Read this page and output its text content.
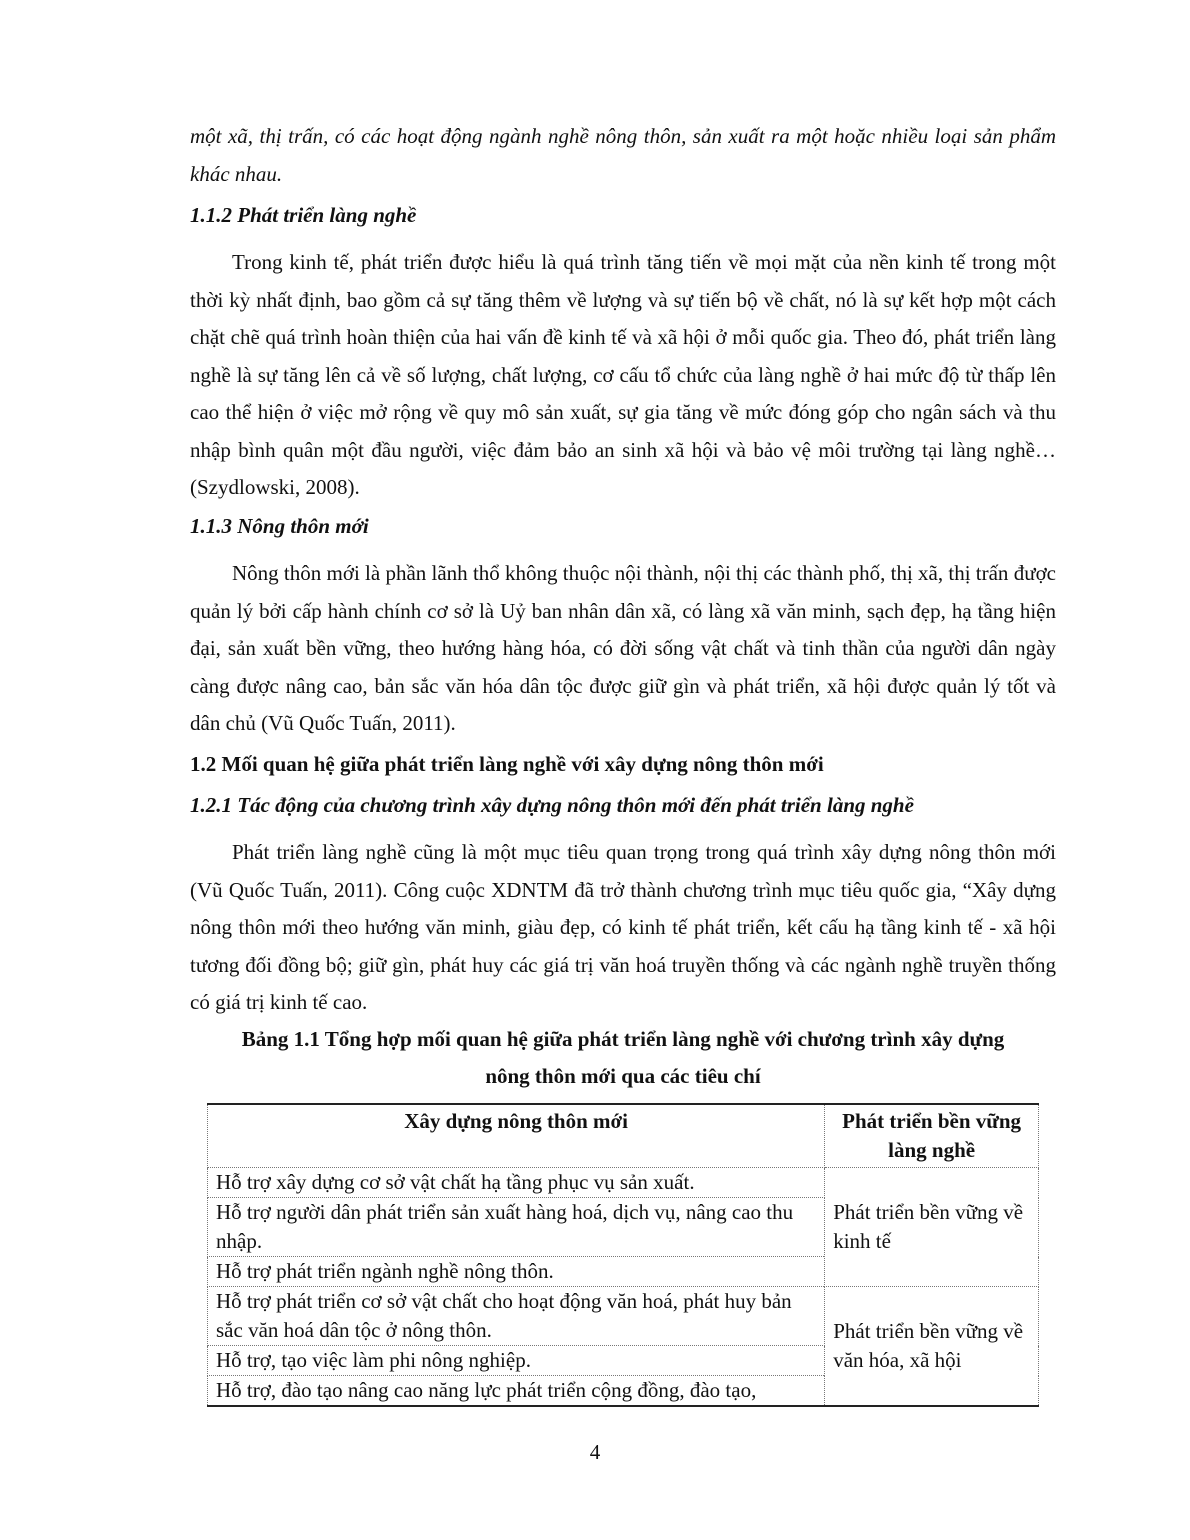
một xã, thị trấn, có các hoạt động ngành nghề nông thôn, sản xuất ra một hoặc nhiều loại sản phẩm khác nhau.

1.1.2 Phát triển làng nghề

Trong kinh tế, phát triển được hiểu là quá trình tăng tiến về mọi mặt của nền kinh tế trong một thời kỳ nhất định, bao gồm cả sự tăng thêm về lượng và sự tiến bộ về chất, nó là sự kết hợp một cách chặt chẽ quá trình hoàn thiện của hai vấn đề kinh tế và xã hội ở mỗi quốc gia. Theo đó, phát triển làng nghề là sự tăng lên cả về số lượng, chất lượng, cơ cấu tổ chức của làng nghề ở hai mức độ từ thấp lên cao thể hiện ở việc mở rộng về quy mô sản xuất, sự gia tăng về mức đóng góp cho ngân sách và thu nhập bình quân một đầu người, việc đảm bảo an sinh xã hội và bảo vệ môi trường tại làng nghề… (Szydlowski, 2008).

1.1.3 Nông thôn mới

Nông thôn mới là phần lãnh thổ không thuộc nội thành, nội thị các thành phố, thị xã, thị trấn được quản lý bởi cấp hành chính cơ sở là Uỷ ban nhân dân xã, có làng xã văn minh, sạch đẹp, hạ tầng hiện đại, sản xuất bền vững, theo hướng hàng hóa, có đời sống vật chất và tinh thần của người dân ngày càng được nâng cao, bản sắc văn hóa dân tộc được giữ gìn và phát triển, xã hội được quản lý tốt và dân chủ (Vũ Quốc Tuấn, 2011).

1.2 Mối quan hệ giữa phát triển làng nghề với xây dựng nông thôn mới
1.2.1 Tác động của chương trình xây dựng nông thôn mới đến phát triển làng nghề

Phát triển làng nghề cũng là một mục tiêu quan trọng trong quá trình xây dựng nông thôn mới (Vũ Quốc Tuấn, 2011). Công cuộc XDNTM đã trở thành chương trình mục tiêu quốc gia, “Xây dựng nông thôn mới theo hướng văn minh, giàu đẹp, có kinh tế phát triển, kết cấu hạ tầng kinh tế - xã hội tương đối đồng bộ; giữ gìn, phát huy các giá trị văn hoá truyền thống và các ngành nghề truyền thống có giá trị kinh tế cao.

Bảng 1.1 Tổng hợp mối quan hệ giữa phát triển làng nghề với chương trình xây dựng
nông thôn mới qua các tiêu chí

Xây dựng nông thôn mới	Phát triển bền vững làng nghề
Hỗ trợ xây dựng cơ sở vật chất hạ tầng phục vụ sản xuất.	Phát triển bền vững về kinh tế
Hỗ trợ người dân phát triển sản xuất hàng hoá, dịch vụ, nâng cao thu nhập.	
Hỗ trợ phát triển ngành nghề nông thôn.	
Hỗ trợ phát triển cơ sở vật chất cho hoạt động văn hoá, phát huy bản sắc văn hoá dân tộc ở nông thôn.	Phát triển bền vững về văn hóa, xã hội
Hỗ trợ, tạo việc làm phi nông nghiệp.	
Hỗ trợ, đào tạo nâng cao năng lực phát triển cộng đồng, đào tạo,	
4
